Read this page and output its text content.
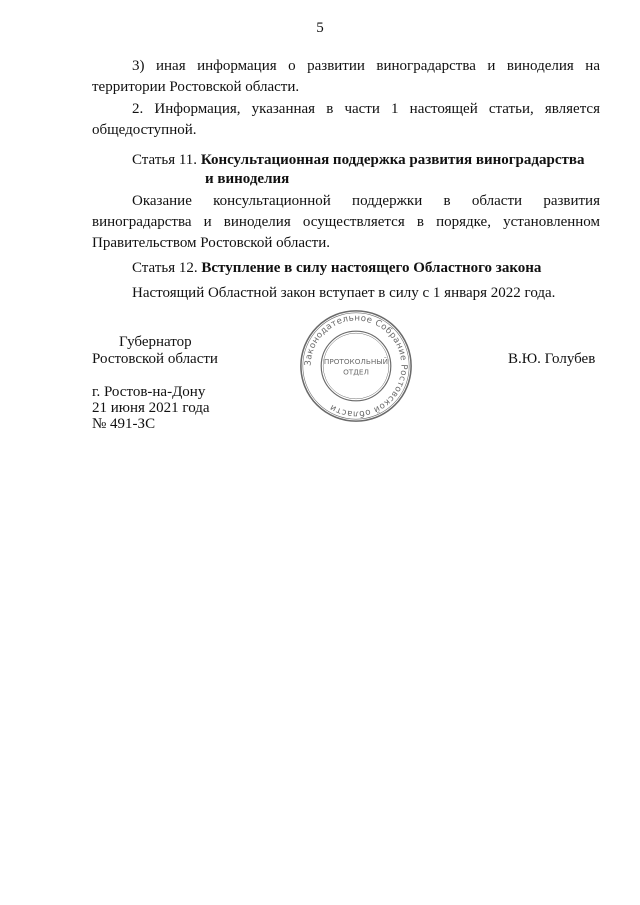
5

3) иная информация о развитии виноградарства и виноделия на территории Ростовской области.

2. Информация, указанная в части 1 настоящей статьи, является общедоступной.

Статья 11. Консультационная поддержка развития виноградарства
и виноделия

Оказание консультационной поддержки в области развития виноградарства и виноделия осуществляется в порядке, установленном Правительством Ростовской области.

Статья 12. Вступление в силу настоящего Областного закона

Настоящий Областной закон вступает в силу с 1 января 2022 года.

Губернатор
Ростовской области	В.Ю. Голубев
Законодательное Собрание Ростовской области
ПРОТОКОЛЬНЫЙ
ОТДЕЛ
г. Ростов-на-Дону
21 июня 2021 года
№ 491-ЗС
